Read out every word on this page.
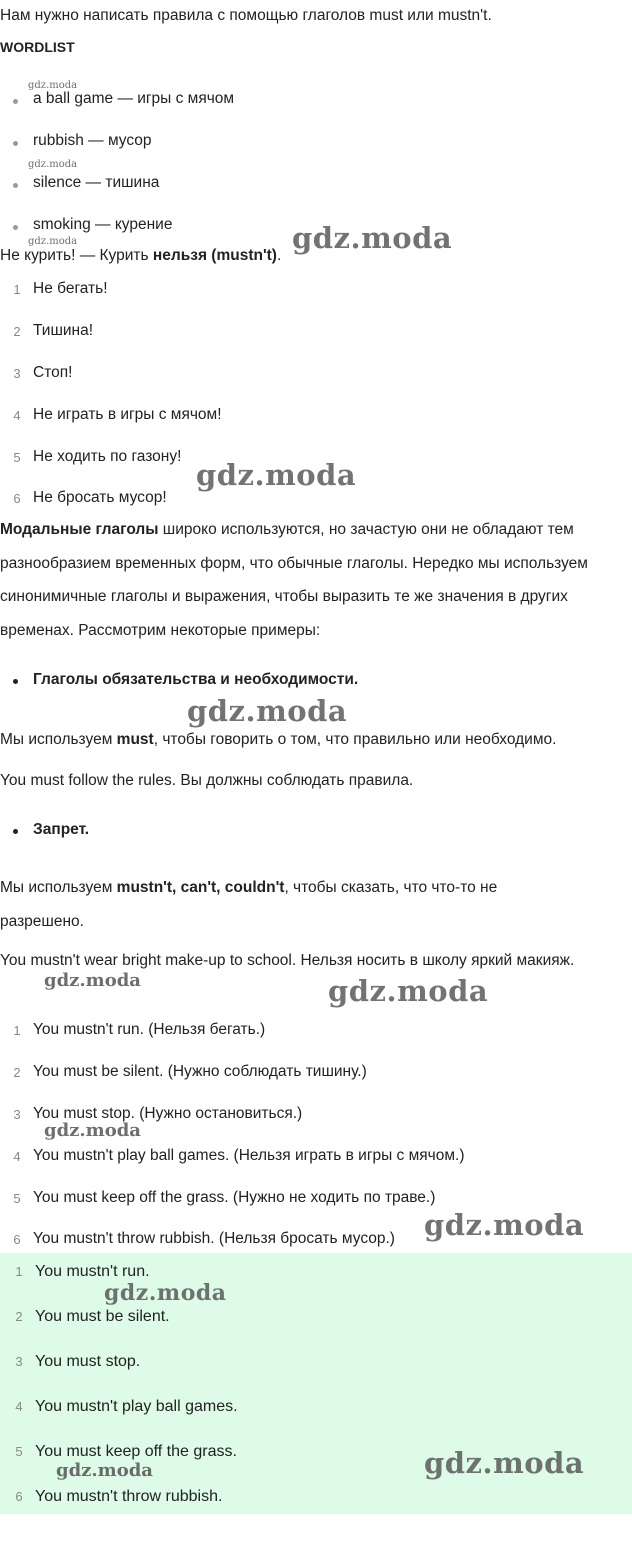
Нам нужно написать правила с помощью глаголов must или mustn't.
WORDLIST
a ball game — игры с мячом
rubbish — мусор
silence — тишина
smoking — курение
Не курить! — Курить нельзя (mustn't).
1 Не бегать!
2 Тишина!
3 Стоп!
4 Не играть в игры с мячом!
5 Не ходить по газону!
6 Не бросать мусор!
Модальные глаголы широко используются, но зачастую они не обладают тем разнообразием временных форм, что обычные глаголы. Нередко мы используем синонимичные глаголы и выражения, чтобы выразить те же значения в других временах. Рассмотрим некоторые примеры:
Глаголы обязательства и необходимости.
Мы используем must, чтобы говорить о том, что правильно или необходимо.
You must follow the rules. Вы должны соблюдать правила.
Запрет.
Мы используем mustn't, can't, couldn't, чтобы сказать, что что-то не разрешено.
You mustn't wear bright make-up to school. Нельзя носить в школу яркий макияж.
1 You mustn't run. (Нельзя бегать.)
2 You must be silent. (Нужно соблюдать тишину.)
3 You must stop. (Нужно остановиться.)
4 You mustn't play ball games. (Нельзя играть в игры с мячом.)
5 You must keep off the grass. (Нужно не ходить по траве.)
6 You mustn't throw rubbish. (Нельзя бросать мусор.)
1 You mustn't run.
2 You must be silent.
3 You must stop.
4 You mustn't play ball games.
5 You must keep off the grass.
6 You mustn't throw rubbish.
gdz.moda
gdz.moda
gdz.moda	gdz.moda
gdz.moda
gdz.moda
gdz.moda	gdz.moda
gdz.moda
gdz.moda
gdz.moda
gdz.moda
gdz.moda
